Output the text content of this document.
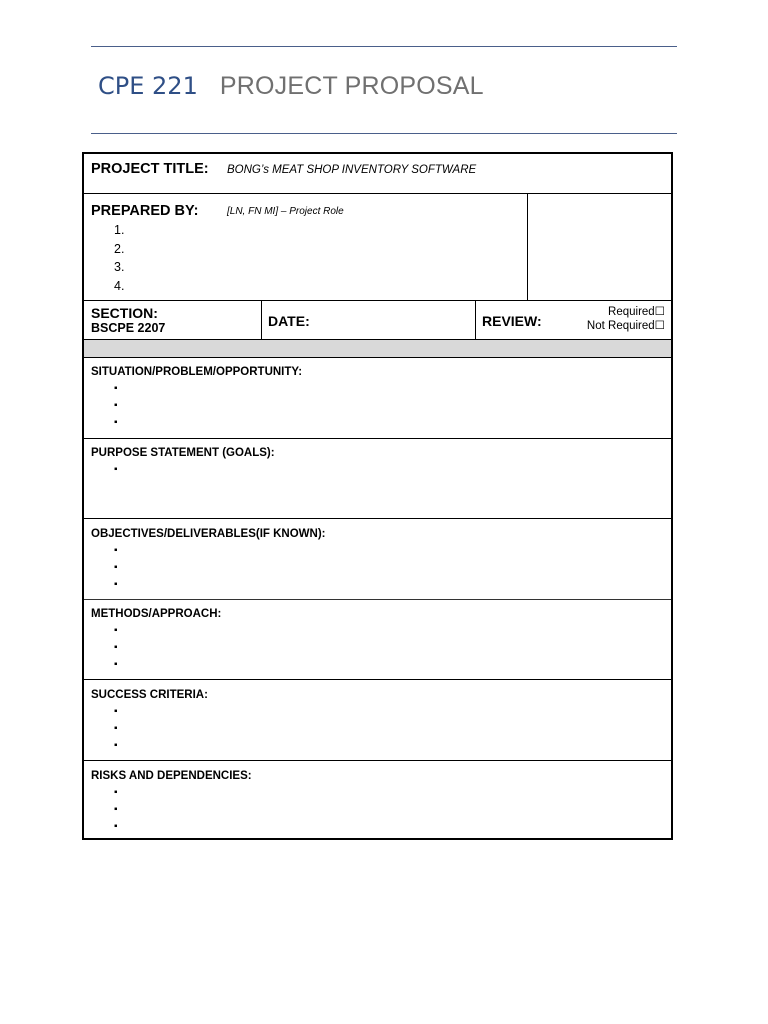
CPE 221 PROJECT PROPOSAL
PROJECT TITLE: BONG’s MEAT SHOP INVENTORY SOFTWARE
PREPARED BY:	[LN, FN MI] – Project Role
1.
2.
3.
4.
SECTION:
BSCPE 2207	DATE:	REVIEW:
Required☐
Not Required☐
SITUATION/PROBLEM/OPPORTUNITY:
▪
▪
▪
PURPOSE STATEMENT (GOALS):
▪
OBJECTIVES/DELIVERABLES(IF KNOWN):
▪
▪
▪
METHODS/APPROACH:
▪
▪
▪
SUCCESS CRITERIA:
▪
▪
▪
RISKS AND DEPENDENCIES:
▪
▪
▪
